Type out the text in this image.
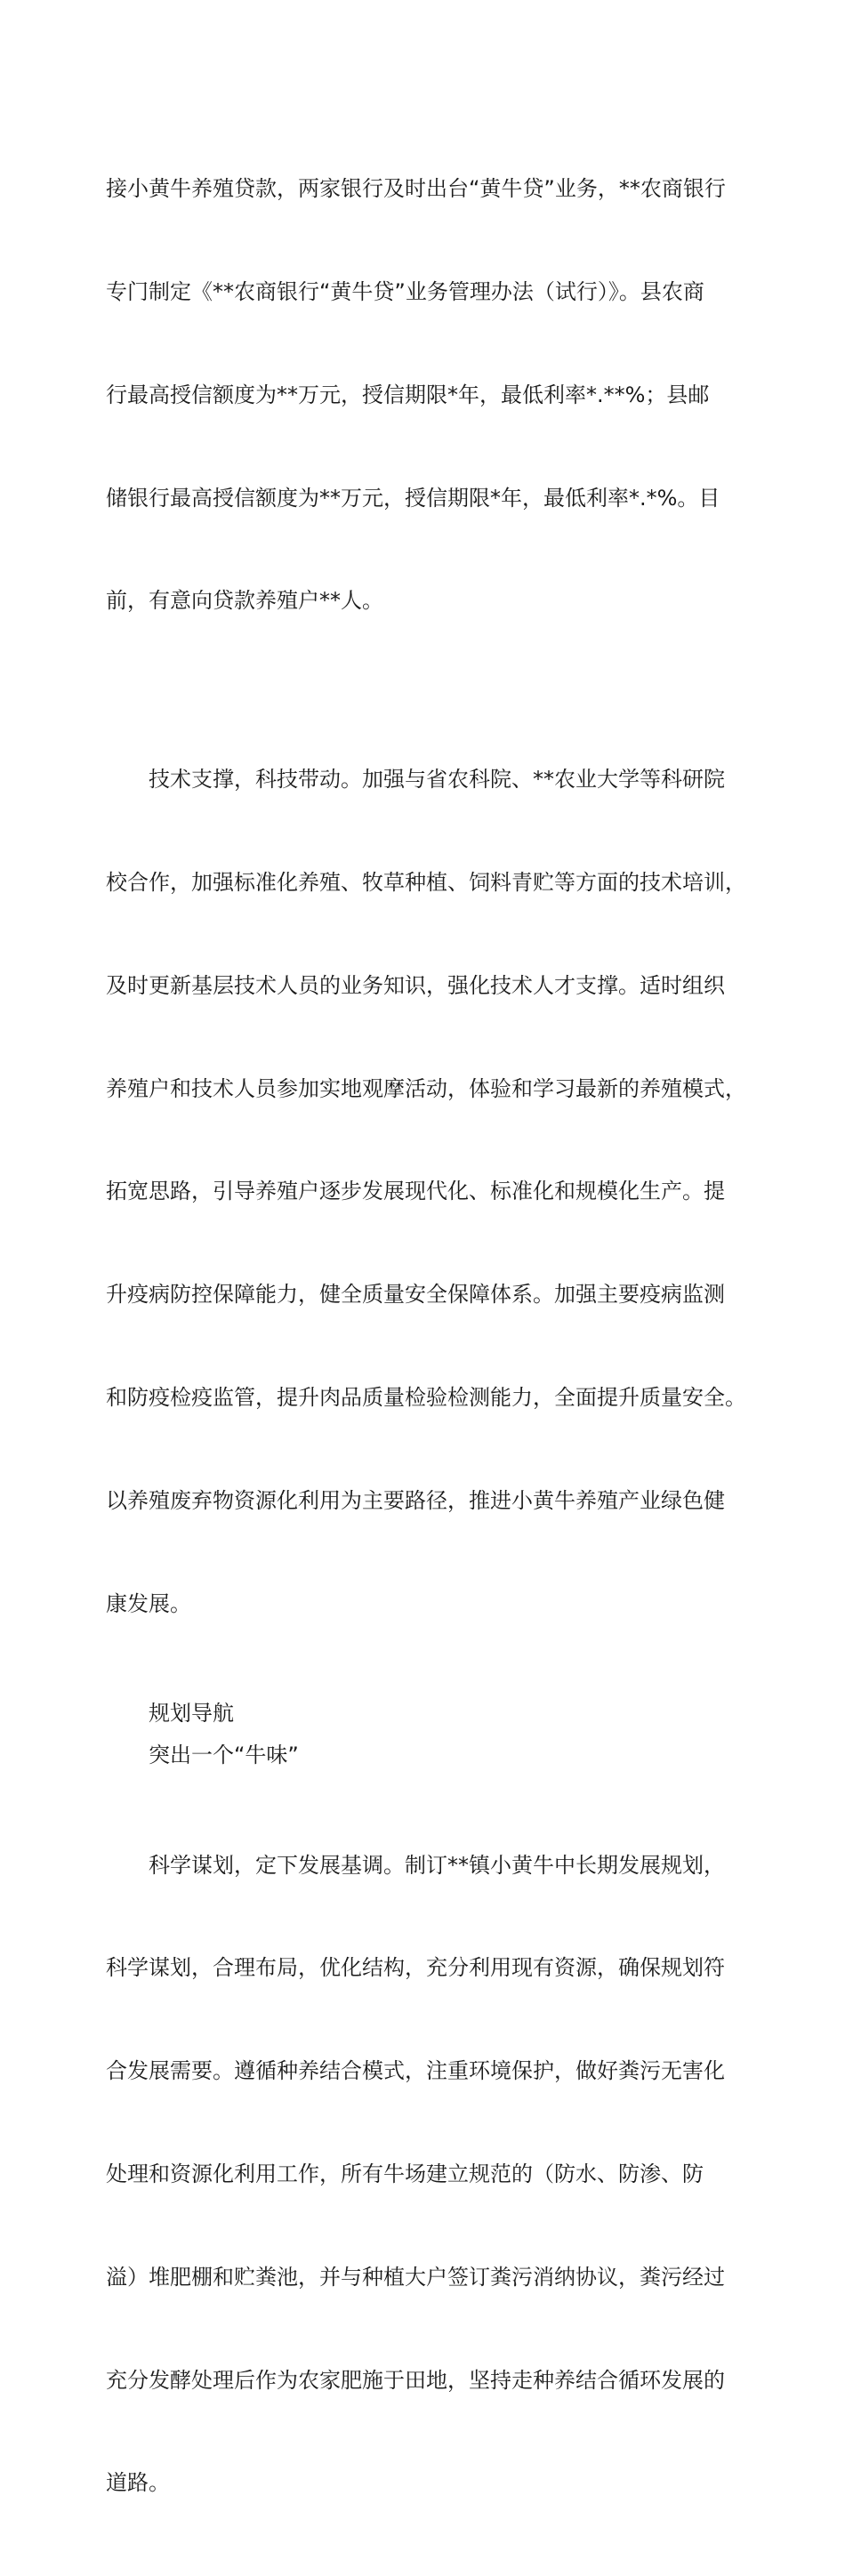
接小黄牛养殖贷款，两家银行及时出台“黄牛贷”业务，**农商银行

专门制定《**农商银行“黄牛贷”业务管理办法（试行）》。县农商

行最高授信额度为**万元，授信期限*年，最低利率*.**%；县邮

储银行最高授信额度为**万元，授信期限*年，最低利率*.*%。目

前，有意向贷款养殖户**人。

技术支撑，科技带动。加强与省农科院、**农业大学等科研院

校合作，加强标准化养殖、牧草种植、饲料青贮等方面的技术培训，

及时更新基层技术人员的业务知识，强化技术人才支撑。适时组织

养殖户和技术人员参加实地观摩活动，体验和学习最新的养殖模式，

拓宽思路，引导养殖户逐步发展现代化、标准化和规模化生产。提

升疫病防控保障能力，健全质量安全保障体系。加强主要疫病监测

和防疫检疫监管，提升肉品质量检验检测能力，全面提升质量安全。

以养殖废弃物资源化利用为主要路径，推进小黄牛养殖产业绿色健

康发展。

规划导航

突出一个“牛味”

科学谋划，定下发展基调。制订**镇小黄牛中长期发展规划，

科学谋划，合理布局，优化结构，充分利用现有资源，确保规划符

合发展需要。遵循种养结合模式，注重环境保护，做好粪污无害化

处理和资源化利用工作，所有牛场建立规范的（防水、防渗、防

溢）堆肥棚和贮粪池，并与种植大户签订粪污消纳协议，粪污经过

充分发酵处理后作为农家肥施于田地，坚持走种养结合循环发展的

道路。
